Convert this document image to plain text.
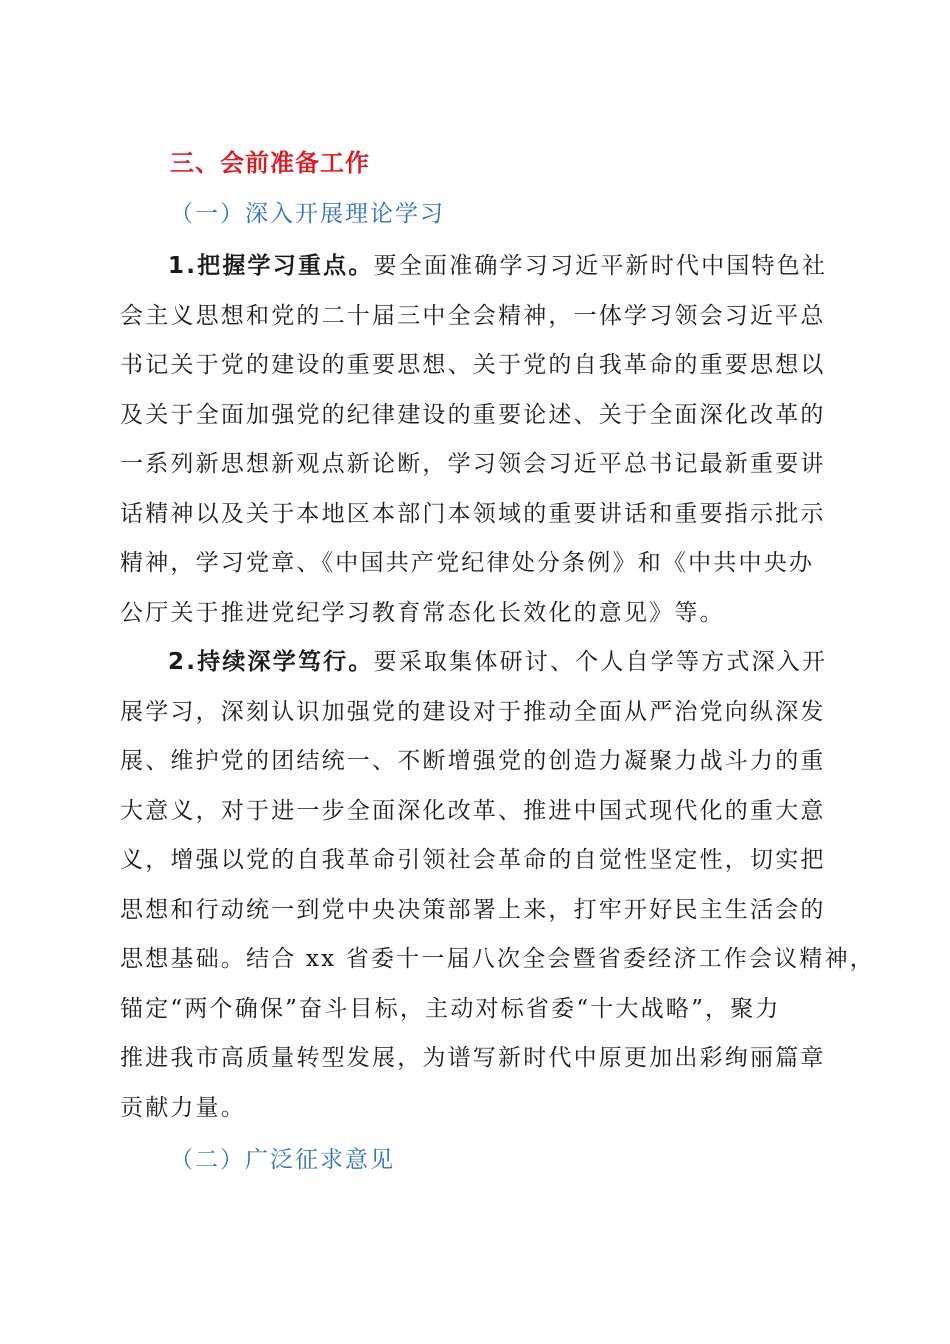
三、会前准备工作
（一）深入开展理论学习
1.把握学习重点。要全面准确学习习近平新时代中国特色社
会主义思想和党的二十届三中全会精神，一体学习领会习近平总
书记关于党的建设的重要思想、关于党的自我革命的重要思想以
及关于全面加强党的纪律建设的重要论述、关于全面深化改革的
一系列新思想新观点新论断，学习领会习近平总书记最新重要讲
话精神以及关于本地区本部门本领域的重要讲话和重要指示批示
精神，学习党章、《中国共产党纪律处分条例》和《中共中央办
公厅关于推进党纪学习教育常态化长效化的意见》等。
2.持续深学笃行。要采取集体研讨、个人自学等方式深入开
展学习，深刻认识加强党的建设对于推动全面从严治党向纵深发
展、维护党的团结统一、不断增强党的创造力凝聚力战斗力的重
大意义，对于进一步全面深化改革、推进中国式现代化的重大意
义，增强以党的自我革命引领社会革命的自觉性坚定性，切实把
思想和行动统一到党中央决策部署上来，打牢开好民主生活会的
思想基础。结合 xx 省委十一届八次全会暨省委经济工作会议精神，
锚定“两个确保”奋斗目标，主动对标省委“十大战略”，聚力
推进我市高质量转型发展，为谱写新时代中原更加出彩绚丽篇章
贡献力量。
（二）广泛征求意见
